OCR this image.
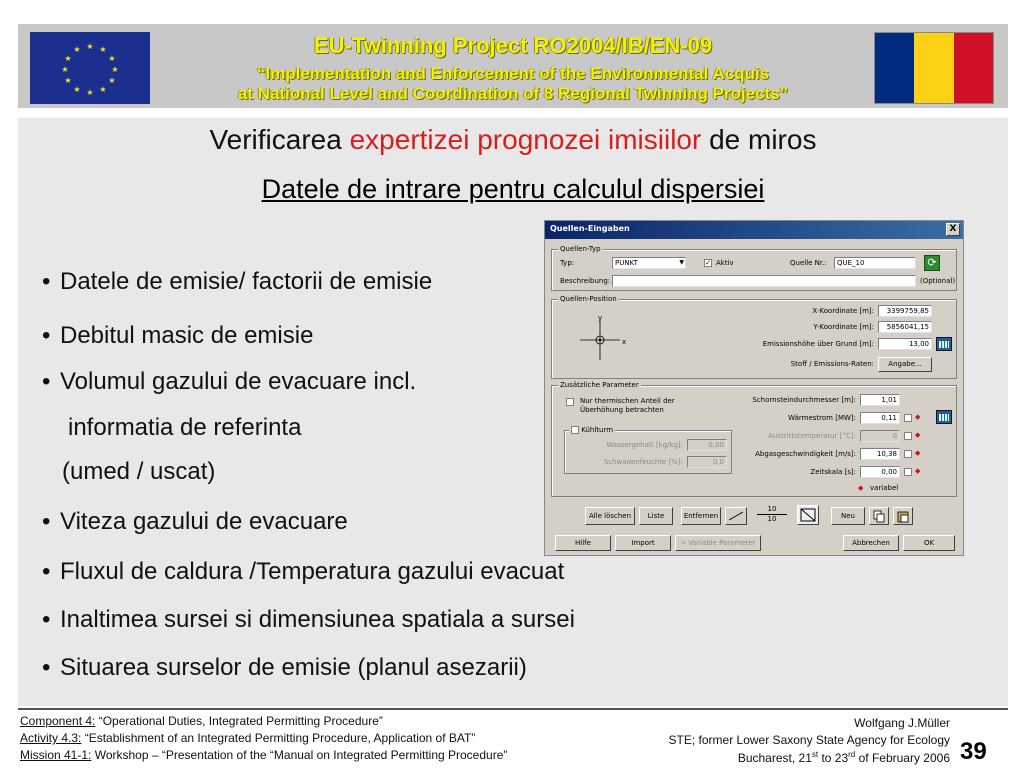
★ ★
★
★
★
★
★
★
★
★
★
★	EU-Twinning Project RO2004/IB/EN-09
“Implementation and Enforcement of the Environmental Acquis
at National Level and Coordination of 8 Regional Twinning Projects”
Verificarea expertizei prognozei imisiilor de miros
Datele de intrare pentru calculul dispersiei
• Datele de emisie/ factorii de emisie
• Debitul masic de emisie
• Volumul gazului de evacuare incl.
informatia de referinta
(umed / uscat)
• Viteza gazului de evacuare
• Fluxul de caldura /Temperatura gazului evacuat
• Inaltimea sursei si dimensiunea spatiala a sursei
• Situarea surselor de emisie (planul asezarii)
Quellen-Eingaben	X
Quellen-Typ
Typ:	PUNKT	▼	✓ Aktiv	Quelle Nr.:	QUE_10	⟳
Beschreibung:	(Optional)
Quellen-Position
y
x
X-Koordinate [m]:	3399759,85
Y-Koordinate [m]:	5856041,15
Emissionshöhe über Grund [m]:	13,00
Stoff / Emissions-Raten:	Angabe...
Zusätzliche Parameter
Nur thermischen Anteil der
Überhöhung betrachten
Kühlturm
Wassergehalt [kg/kg]:	0,00
Schwadenfeuchte [%]:	0,0
Schornsteindurchmesser [m]:	1,01
Wärmestrom [MW]:	0,11	◆
Austrittstemperatur [°C]:	0	◆
Abgasgeschwindigkeit [m/s]:	10,38	◆
Zeitskala [s]:	0,00	◆
◆ variabel
Alle löschen	Liste	Entfernen
10
10	Neu
Hilfe	Import	> Variable Parameter	Abbrechen	OK
Component 4: “Operational Duties, Integrated Permitting Procedure”
Activity 4.3: “Establishment of an Integrated Permitting Procedure, Application of BAT”
Mission 41-1: Workshop – “Presentation of the “Manual on Integrated Permitting Procedure”
Wolfgang J.Müller
STE; former Lower Saxony State Agency for Ecology
Bucharest, 21st to 23rd of February 2006 39
